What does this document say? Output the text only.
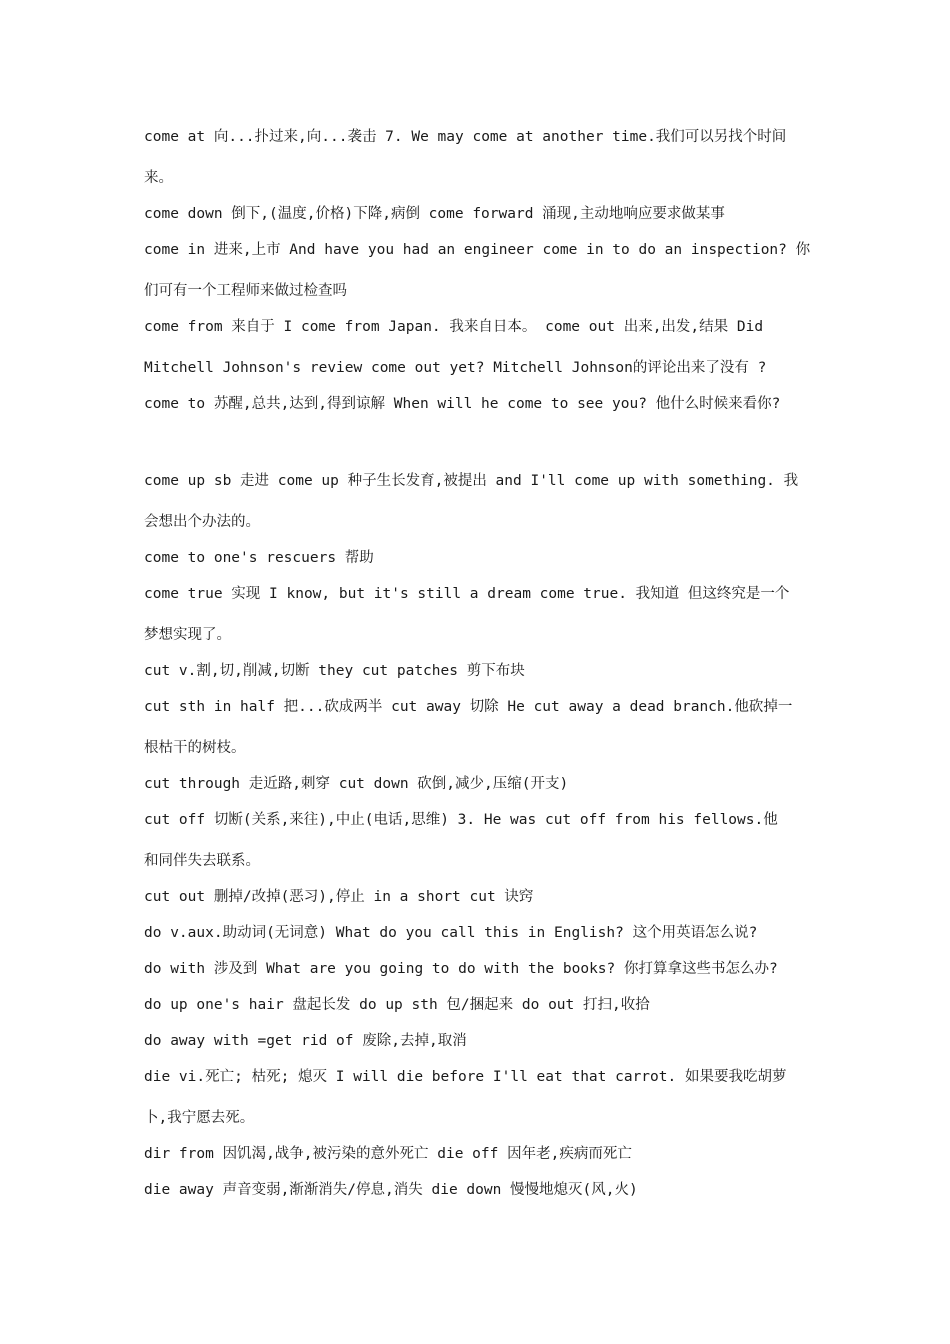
come at 向...扑过来,向...袭击 7. We may come at another time.我们可以另找个时间
来。
come down 倒下,(温度,价格)下降,病倒 come forward 涌现,主动地响应要求做某事
come in 进来,上市 And have you had an engineer come in to do an inspection? 你
们可有一个工程师来做过检查吗
come from 来自于 I come from Japan. 我来自日本。 come out 出来,出发,结果 Did
Mitchell Johnson's review come out yet? Mitchell Johnson的评论出来了没有 ?
come to 苏醒,总共,达到,得到谅解 When will he come to see you? 他什么时候来看你?
come up sb 走进 come up 种子生长发育,被提出 and I'll come up with something. 我
会想出个办法的。
come to one's rescuers 帮助
come true 实现 I know, but it's still a dream come true. 我知道 但这终究是一个
梦想实现了。
cut v.割,切,削减,切断 they cut patches 剪下布块
cut sth in half 把...砍成两半 cut away 切除 He cut away a dead branch.他砍掉一
根枯干的树枝。
cut through 走近路,刺穿 cut down 砍倒,减少,压缩(开支)
cut off 切断(关系,来往),中止(电话,思维) 3. He was cut off from his fellows.他
和同伴失去联系。
cut out 删掉/改掉(恶习),停止 in a short cut 诀窍
do v.aux.助动词(无词意) What do you call this in English? 这个用英语怎么说?
do with 涉及到 What are you going to do with the books? 你打算拿这些书怎么办?
do up one's hair 盘起长发 do up sth 包/捆起来 do out 打扫,收拾
do away with =get rid of 废除,去掉,取消
die vi.死亡; 枯死; 熄灭 I will die before I'll eat that carrot. 如果要我吃胡萝
卜,我宁愿去死。
dir from 因饥渴,战争,被污染的意外死亡 die off 因年老,疾病而死亡
die away 声音变弱,渐渐消失/停息,消失 die down 慢慢地熄灭(风,火)
